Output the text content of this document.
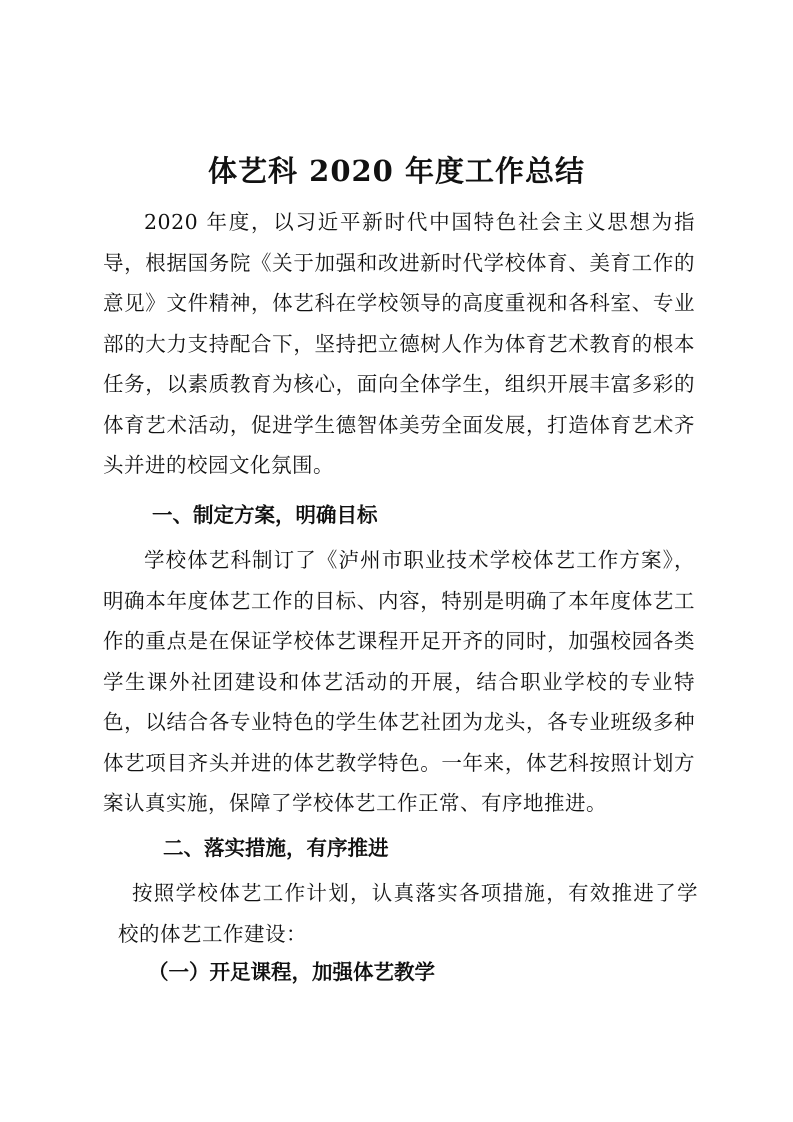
体艺科 2020 年度工作总结

2020 年度，以习近平新时代中国特色社会主义思想为指导，根据国务院《关于加强和改进新时代学校体育、美育工作的意见》文件精神，体艺科在学校领导的高度重视和各科室、专业部的大力支持配合下，坚持把立德树人作为体育艺术教育的根本任务，以素质教育为核心，面向全体学生，组织开展丰富多彩的体育艺术活动，促进学生德智体美劳全面发展，打造体育艺术齐头并进的校园文化氛围。

一、制定方案，明确目标

学校体艺科制订了《泸州市职业技术学校体艺工作方案》，明确本年度体艺工作的目标、内容，特别是明确了本年度体艺工作的重点是在保证学校体艺课程开足开齐的同时，加强校园各类学生课外社团建设和体艺活动的开展，结合职业学校的专业特色，以结合各专业特色的学生体艺社团为龙头，各专业班级多种体艺项目齐头并进的体艺教学特色。一年来，体艺科按照计划方案认真实施，保障了学校体艺工作正常、有序地推进。

二、落实措施，有序推进

按照学校体艺工作计划，认真落实各项措施，有效推进了学校的体艺工作建设：

（一）开足课程，加强体艺教学
